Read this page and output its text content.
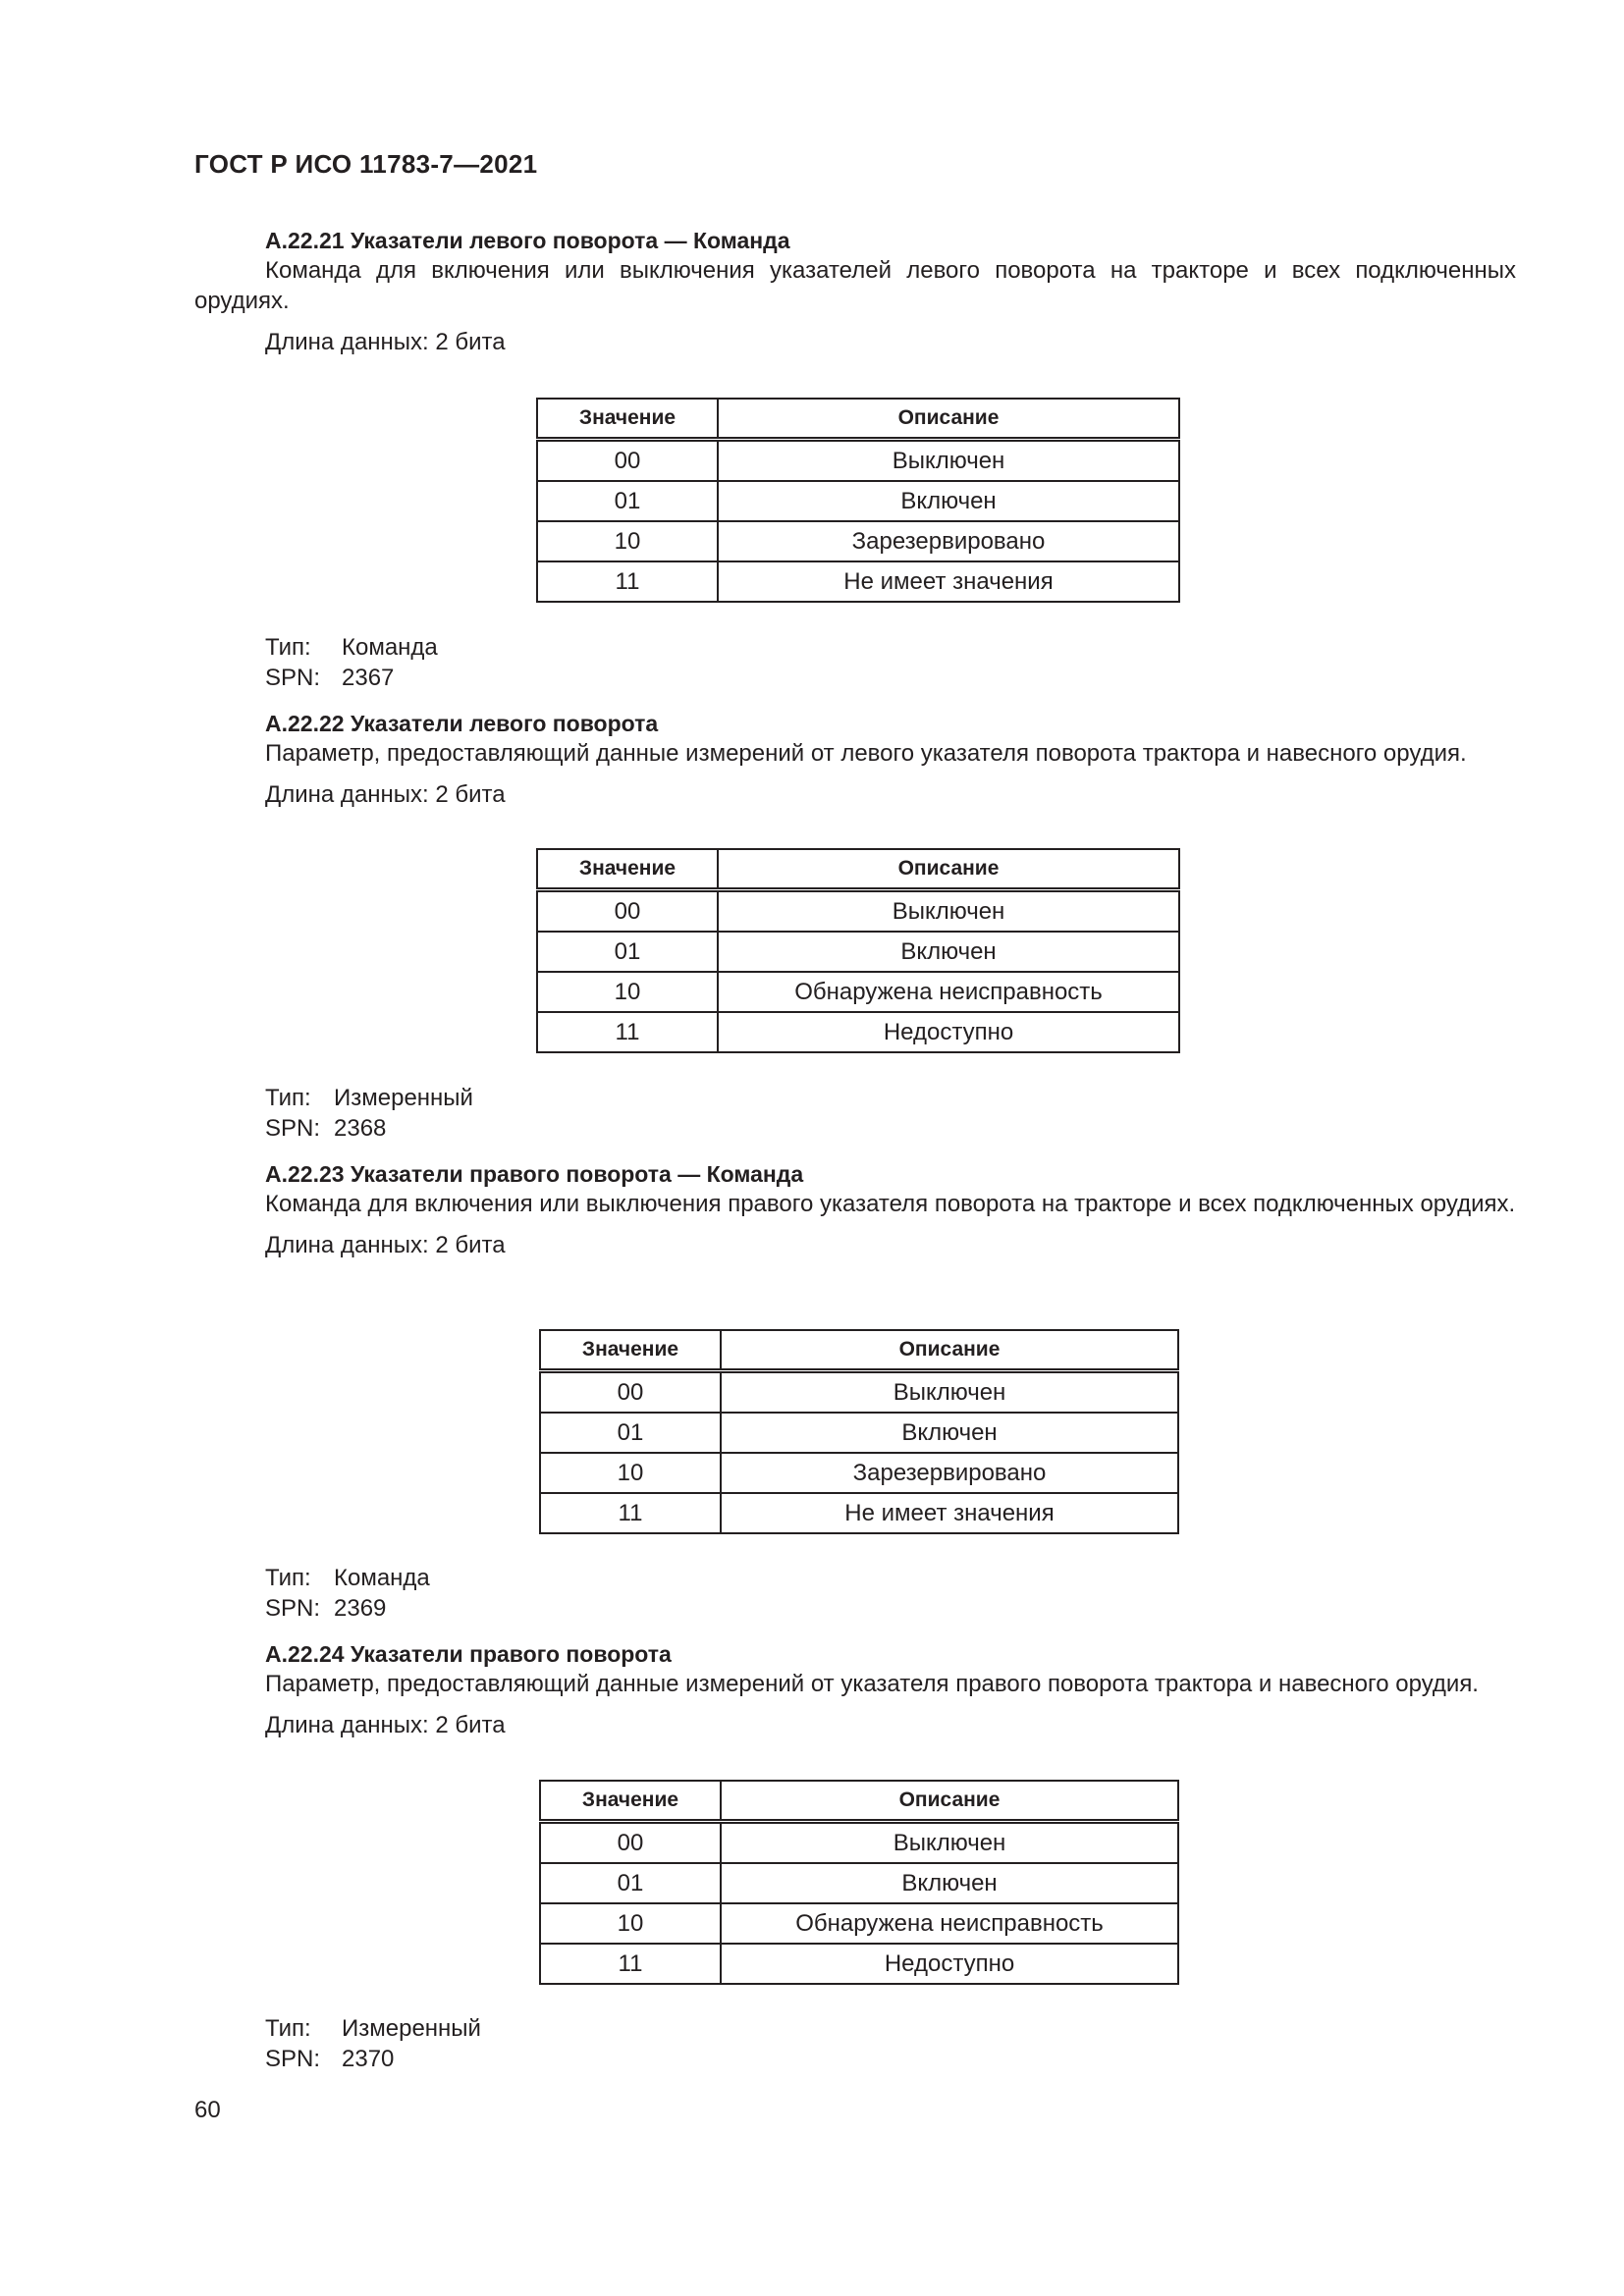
ГОСТ Р ИСО 11783-7—2021
А.22.21 Указатели левого поворота — Команда
Команда для включения или выключения указателей левого поворота на тракторе и всех подключенных орудиях.
Длина данных: 2 бита
Значение	Описание
00	Выключен
01	Включен
10	Зарезервировано
11	Не имеет значения
Тип: Команда
SPN: 2367
А.22.22 Указатели левого поворота
Параметр, предоставляющий данные измерений от левого указателя поворота трактора и навесного орудия.
Длина данных: 2 бита
Значение	Описание
00	Выключен
01	Включен
10	Обнаружена неисправность
11	Недоступно
Тип: Измеренный
SPN: 2368
А.22.23 Указатели правого поворота — Команда
Команда для включения или выключения правого указателя поворота на тракторе и всех подключенных орудиях.
Длина данных: 2 бита
Значение	Описание
00	Выключен
01	Включен
10	Зарезервировано
11	Не имеет значения
Тип: Команда
SPN: 2369
А.22.24 Указатели правого поворота
Параметр, предоставляющий данные измерений от указателя правого поворота трактора и навесного орудия.
Длина данных: 2 бита
Значение	Описание
00	Выключен
01	Включен
10	Обнаружена неисправность
11	Недоступно
Тип: Измеренный
SPN: 2370
60
